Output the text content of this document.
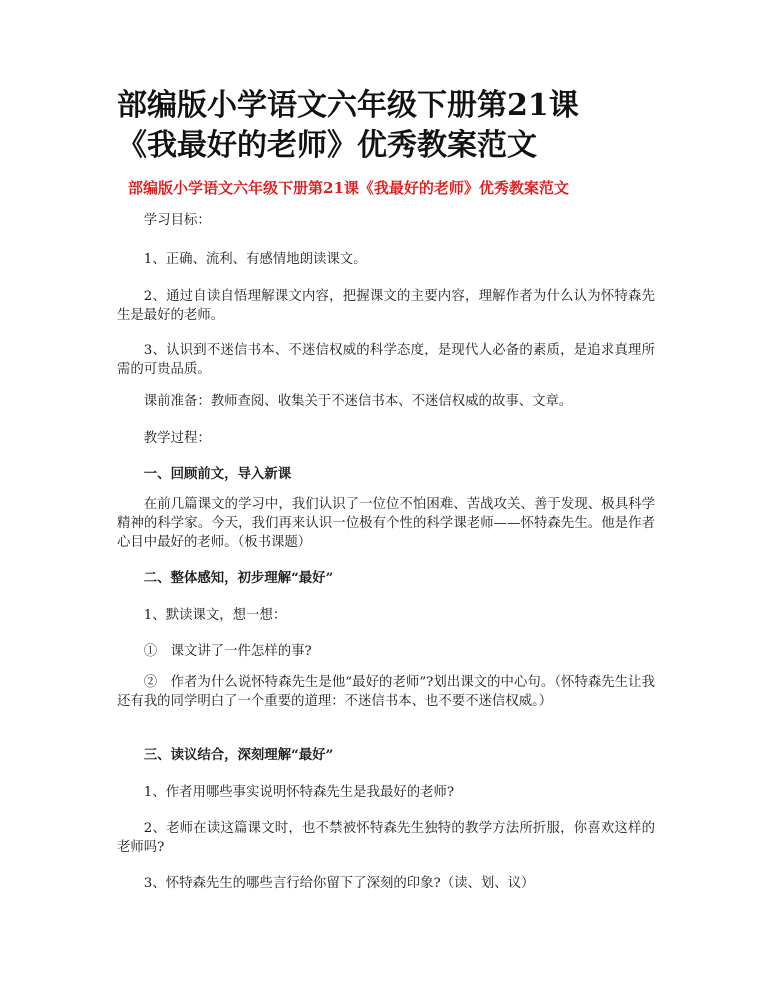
部编版小学语文六年级下册第21课
《我最好的老师》优秀教案范文

部编版小学语文六年级下册第21课《我最好的老师》优秀教案范文

学习目标：

1、正确、流利、有感情地朗读课文。

2、通过自读自悟理解课文内容，把握课文的主要内容，理解作者为什么认为怀特森先生是最好的老师。

3、认识到不迷信书本、不迷信权威的科学态度，是现代人必备的素质，是追求真理所需的可贵品质。

课前准备：教师查阅、收集关于不迷信书本、不迷信权威的故事、文章。

教学过程：

一、回顾前文，导入新课

在前几篇课文的学习中，我们认识了一位位不怕困难、苦战攻关、善于发现、极具科学精神的科学家。今天，我们再来认识一位极有个性的科学课老师——怀特森先生。他是作者心目中最好的老师。（板书课题）

二、整体感知，初步理解“最好”

1、默读课文，想一想：

①　课文讲了一件怎样的事?

②　作者为什么说怀特森先生是他“最好的老师”?划出课文的中心句。（怀特森先生让我还有我的同学明白了一个重要的道理：不迷信书本、也不要不迷信权威。）

三、读议结合，深刻理解“最好”

1、作者用哪些事实说明怀特森先生是我最好的老师?

2、老师在读这篇课文时，也不禁被怀特森先生独特的教学方法所折服，你喜欢这样的老师吗?

3、怀特森先生的哪些言行给你留下了深刻的印象?（读、划、议）
